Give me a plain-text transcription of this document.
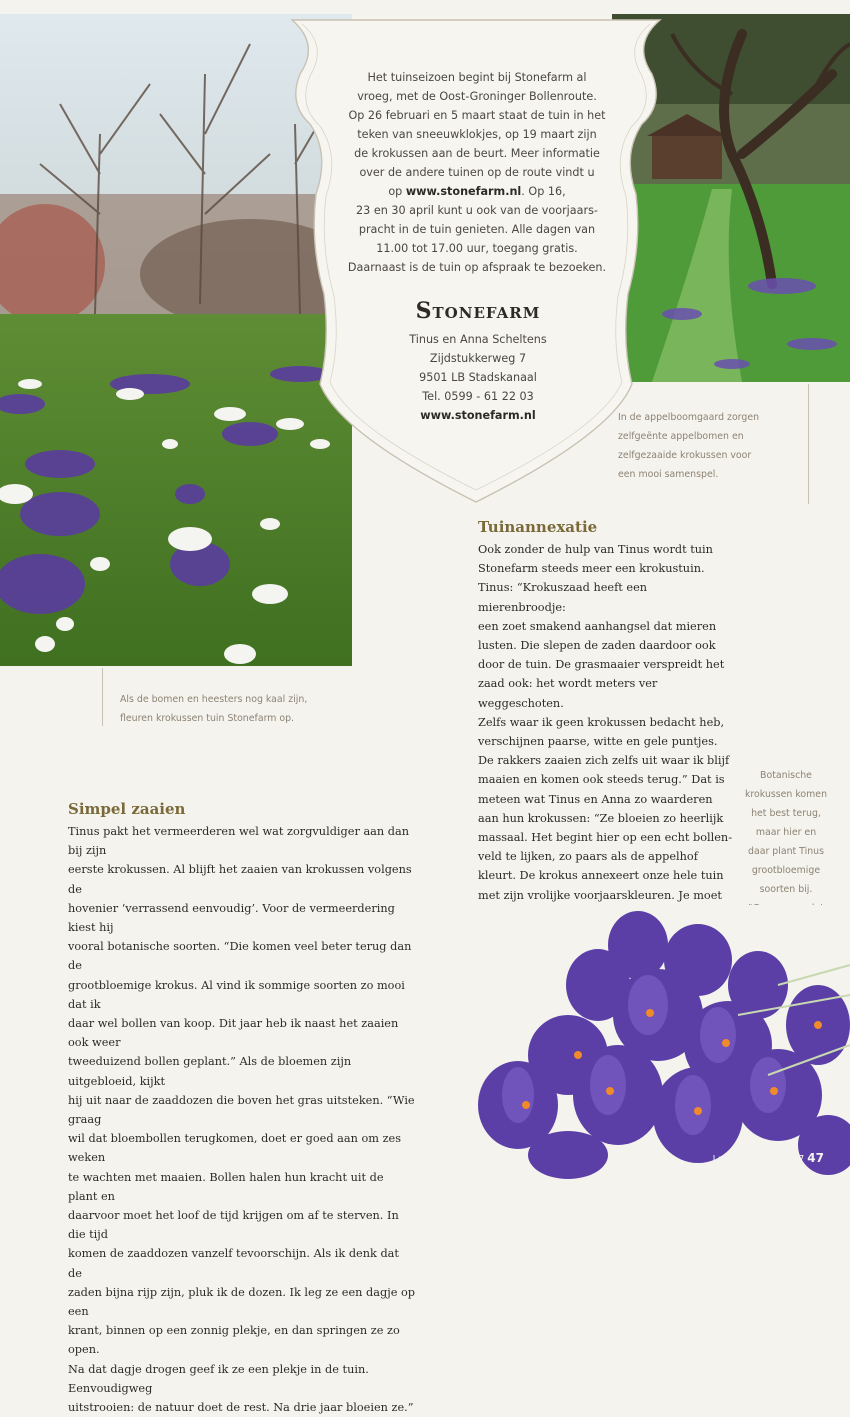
Het tuinseizoen begint bij Stonefarm al
vroeg, met de Oost-Groninger Bollenroute.
Op 26 februari en 5 maart staat de tuin in het
teken van sneeuwklokjes, op 19 maart zijn
de krokussen aan de beurt. Meer informatie
over de andere tuinen op de route vindt u
op www.stonefarm.nl. Op 16,
23 en 30 april kunt u ook van de voorjaars-
pracht in de tuin genieten. Alle dagen van
11.00 tot 17.00 uur, toegang gratis.
Daarnaast is de tuin op afspraak te bezoeken.
Stonefarm
Tinus en Anna Scheltens
Zijdstukkerweg 7
9501 LB Stadskanaal
Tel. 0599 - 61 22 03
www.stonefarm.nl	In de appelboomgaard zorgen
zelfgeënte appelbomen en
zelfgezaaide krokussen voor
een mooi samenspel.
Als de bomen en heesters nog kaal zijn,
fleuren krokussen tuin Stonefarm op.
Botanische
krokussen komen
het best terug,
maar hier en
daar plant Tinus
grootbloemige
soorten bij.
Tuinannexatie
Ook zonder de hulp van Tinus wordt tuin
Stonefarm steeds meer een krokustuin.
Tinus: “Krokuszaad heeft een mierenbroodje:
een zoet smakend aanhangsel dat mieren
lusten. Die slepen de zaden daardoor ook
door de tuin. De grasmaaier verspreidt het
zaad ook: het wordt meters ver weggeschoten.
Zelfs waar ik geen krokussen bedacht heb,
verschijnen paarse, witte en gele puntjes.
De rakkers zaaien zich zelfs uit waar ik blijf
maaien en komen ook steeds terug.” Dat is
meteen wat Tinus en Anna zo waarderen
aan hun krokussen: “Ze bloeien zo heerlijk
massaal. Het begint hier op een echt bollen-
veld te lijken, zo paars als de appelhof
kleurt. De krokus annexeert onze hele tuin
met zijn vrolijke voorjaarskleuren. Je moet
Simpel zaaien
Tinus pakt het vermeerderen wel wat zorgvuldiger aan dan bij zijn
eerste krokussen. Al blijft het zaaien van krokussen volgens de
hovenier ‘verrassend eenvoudig’. Voor de vermeerdering kiest hij
vooral botanische soorten. “Die komen veel beter terug dan de
grootbloemige krokus. Al vind ik sommige soorten zo mooi dat ik
daar wel bollen van koop. Dit jaar heb ik naast het zaaien ook weer
tweeduizend bollen geplant.” Als de bloemen zijn uitgebloeid, kijkt
hij uit naar de zaaddozen die boven het gras uitsteken. “Wie graag
wil dat bloembollen terugkomen, doet er goed aan om zes weken
te wachten met maaien. Bollen halen hun kracht uit de plant en
daarvoor moet het loof de tijd krijgen om af te sterven. In die tijd
komen de zaaddozen vanzelf tevoorschijn. Als ik denk dat de
zaden bijna rijp zijn, pluk ik de dozen. Ik leg ze een dagje op een
krant, binnen op een zonnig plekje, en dan springen ze zo open.
Na dat dagje drogen geef ik ze een plekje in de tuin. Eenvoudigweg
uitstrooien: de natuur doet de rest. Na drie jaar bloeien ze.”
Landleven 2 | 2017 47
